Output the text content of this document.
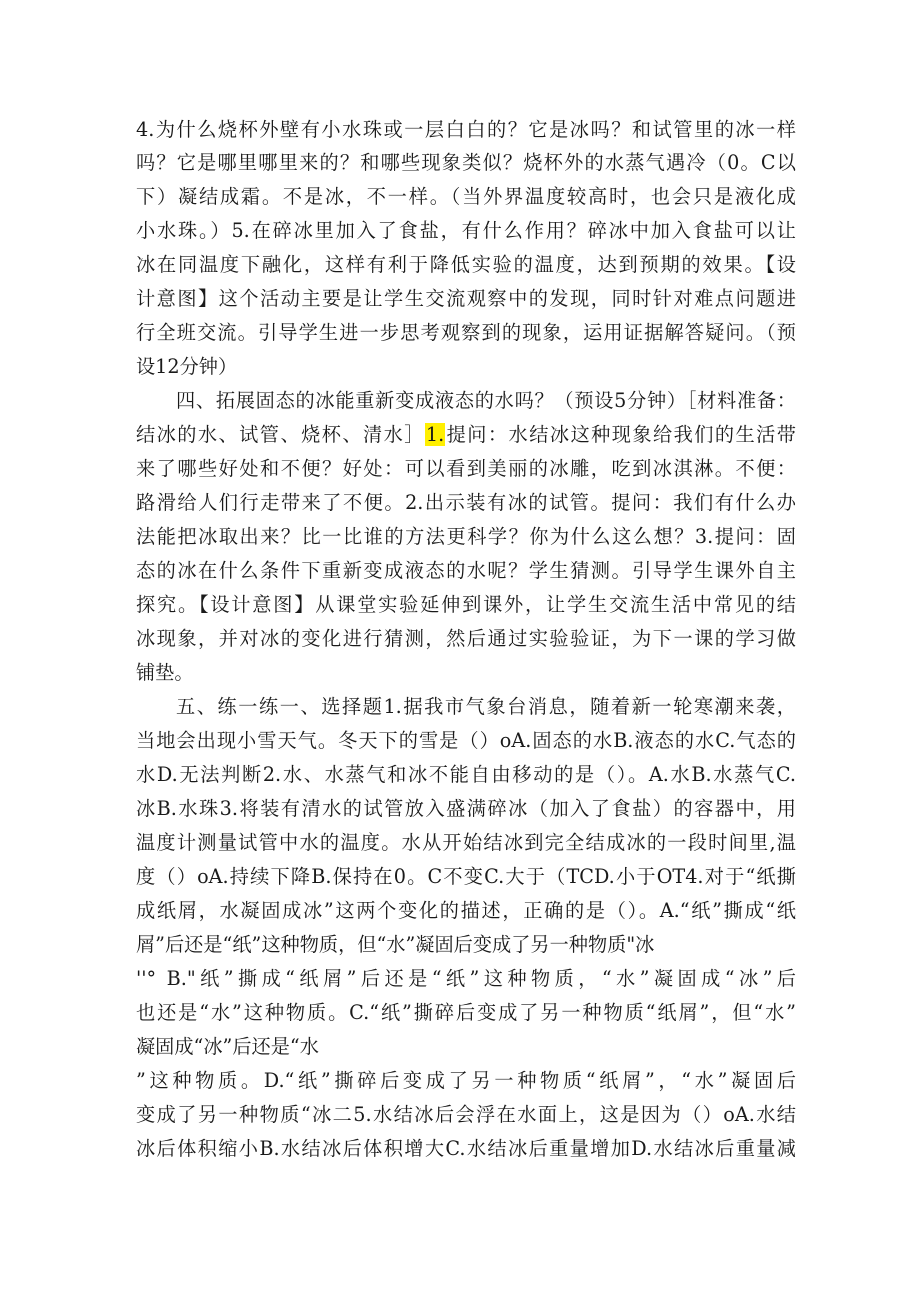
4.为什么烧杯外壁有小水珠或一层白白的？它是冰吗？和试管里的冰一样
吗？它是哪里哪里来的？和哪些现象类似？烧杯外的水蒸气遇冷（0。C以
下）凝结成霜。不是冰，不一样。（当外界温度较高时，也会只是液化成
小水珠。）5.在碎冰里加入了食盐，有什么作用？碎冰中加入食盐可以让
冰在同温度下融化，这样有利于降低实验的温度，达到预期的效果。【设
计意图】这个活动主要是让学生交流观察中的发现，同时针对难点问题进
行全班交流。引导学生进一步思考观察到的现象，运用证据解答疑问。（预
设12分钟）
四、拓展固态的冰能重新变成液态的水吗？（预设5分钟）［材料准备：
结冰的水、试管、烧杯、清水］1.提问：水结冰这种现象给我们的生活带
来了哪些好处和不便？好处：可以看到美丽的冰雕，吃到冰淇淋。不便：
路滑给人们行走带来了不便。2.出示装有冰的试管。提问：我们有什么办
法能把冰取出来？比一比谁的方法更科学？你为什么这么想？3.提问：固
态的冰在什么条件下重新变成液态的水呢？学生猜测。引导学生课外自主
探究。【设计意图】从课堂实验延伸到课外，让学生交流生活中常见的结
冰现象，并对冰的变化进行猜测，然后通过实验验证，为下一课的学习做
铺垫。
五、练一练一、选择题1.据我市气象台消息，随着新一轮寒潮来袭，
当地会出现小雪天气。冬天下的雪是（）oA.固态的水B.液态的水C.气态的
水D.无法判断2.水、水蒸气和冰不能自由移动的是（）。A.水B.水蒸气C.
冰B.水珠3.将装有清水的试管放入盛满碎冰（加入了食盐）的容器中，用
温度计测量试管中水的温度。水从开始结冰到完全结成冰的一段时间里,温
度（）oA.持续下降B.保持在0。C不变C.大于（TCD.小于OT4.对于“纸撕
成纸屑，水凝固成冰”这两个变化的描述，正确的是（）。A.“纸”撕成“纸
屑”后还是“纸”这种物质，但“水”凝固后变成了另一种物质"冰
''° B."纸”撕成“纸屑”后还是“纸”这种物质，“水”凝固成“冰”后
也还是“水”这种物质。C.“纸”撕碎后变成了另一种物质“纸屑”，但“水”
凝固成“冰”后还是“水
”这种物质。D.“纸”撕碎后变成了另一种物质“纸屑”，“水”凝固后
变成了另一种物质“冰二5.水结冰后会浮在水面上，这是因为（）oA.水结
冰后体积缩小B.水结冰后体积增大C.水结冰后重量增加D.水结冰后重量减
